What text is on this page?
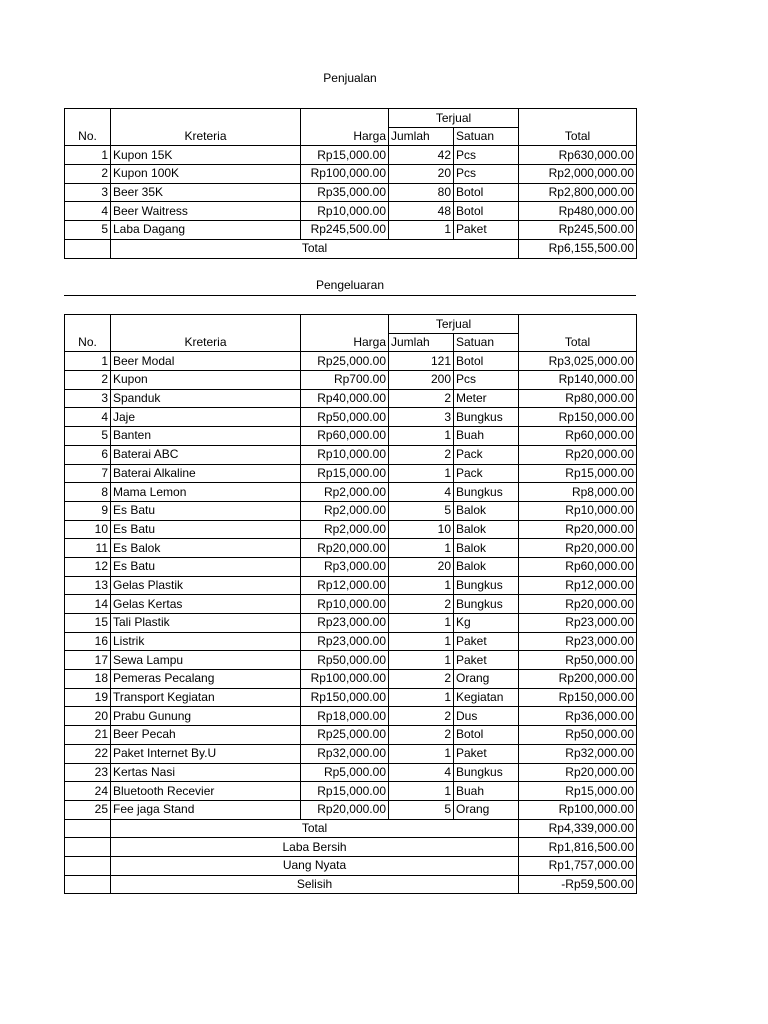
Penjualan
No.	Kreteria	Harga	Terjual		Total
			Jumlah	Satuan	
1	Kupon 15K	Rp15,000.00	42	Pcs	Rp630,000.00
2	Kupon 100K	Rp100,000.00	20	Pcs	Rp2,000,000.00
3	Beer 35K	Rp35,000.00	80	Botol	Rp2,800,000.00
4	Beer Waitress	Rp10,000.00	48	Botol	Rp480,000.00
5	Laba Dagang	Rp245,500.00	1	Paket	Rp245,500.00
	Total				Rp6,155,500.00
Pengeluaran
No.	Kreteria	Harga	Terjual		Total
			Jumlah	Satuan	
1	Beer Modal	Rp25,000.00	121	Botol	Rp3,025,000.00
2	Kupon	Rp700.00	200	Pcs	Rp140,000.00
3	Spanduk	Rp40,000.00	2	Meter	Rp80,000.00
4	Jaje	Rp50,000.00	3	Bungkus	Rp150,000.00
5	Banten	Rp60,000.00	1	Buah	Rp60,000.00
6	Baterai ABC	Rp10,000.00	2	Pack	Rp20,000.00
7	Baterai Alkaline	Rp15,000.00	1	Pack	Rp15,000.00
8	Mama Lemon	Rp2,000.00	4	Bungkus	Rp8,000.00
9	Es Batu	Rp2,000.00	5	Balok	Rp10,000.00
10	Es Batu	Rp2,000.00	10	Balok	Rp20,000.00
11	Es Balok	Rp20,000.00	1	Balok	Rp20,000.00
12	Es Batu	Rp3,000.00	20	Balok	Rp60,000.00
13	Gelas Plastik	Rp12,000.00	1	Bungkus	Rp12,000.00
14	Gelas Kertas	Rp10,000.00	2	Bungkus	Rp20,000.00
15	Tali Plastik	Rp23,000.00	1	Kg	Rp23,000.00
16	Listrik	Rp23,000.00	1	Paket	Rp23,000.00
17	Sewa Lampu	Rp50,000.00	1	Paket	Rp50,000.00
18	Pemeras Pecalang	Rp100,000.00	2	Orang	Rp200,000.00
19	Transport Kegiatan	Rp150,000.00	1	Kegiatan	Rp150,000.00
20	Prabu Gunung	Rp18,000.00	2	Dus	Rp36,000.00
21	Beer Pecah	Rp25,000.00	2	Botol	Rp50,000.00
22	Paket Internet By.U	Rp32,000.00	1	Paket	Rp32,000.00
23	Kertas Nasi	Rp5,000.00	4	Bungkus	Rp20,000.00
24	Bluetooth Recevier	Rp15,000.00	1	Buah	Rp15,000.00
25	Fee jaga Stand	Rp20,000.00	5	Orang	Rp100,000.00
	Total				Rp4,339,000.00
	Laba Bersih				Rp1,816,500.00
	Uang Nyata				Rp1,757,000.00
	Selisih				-Rp59,500.00
